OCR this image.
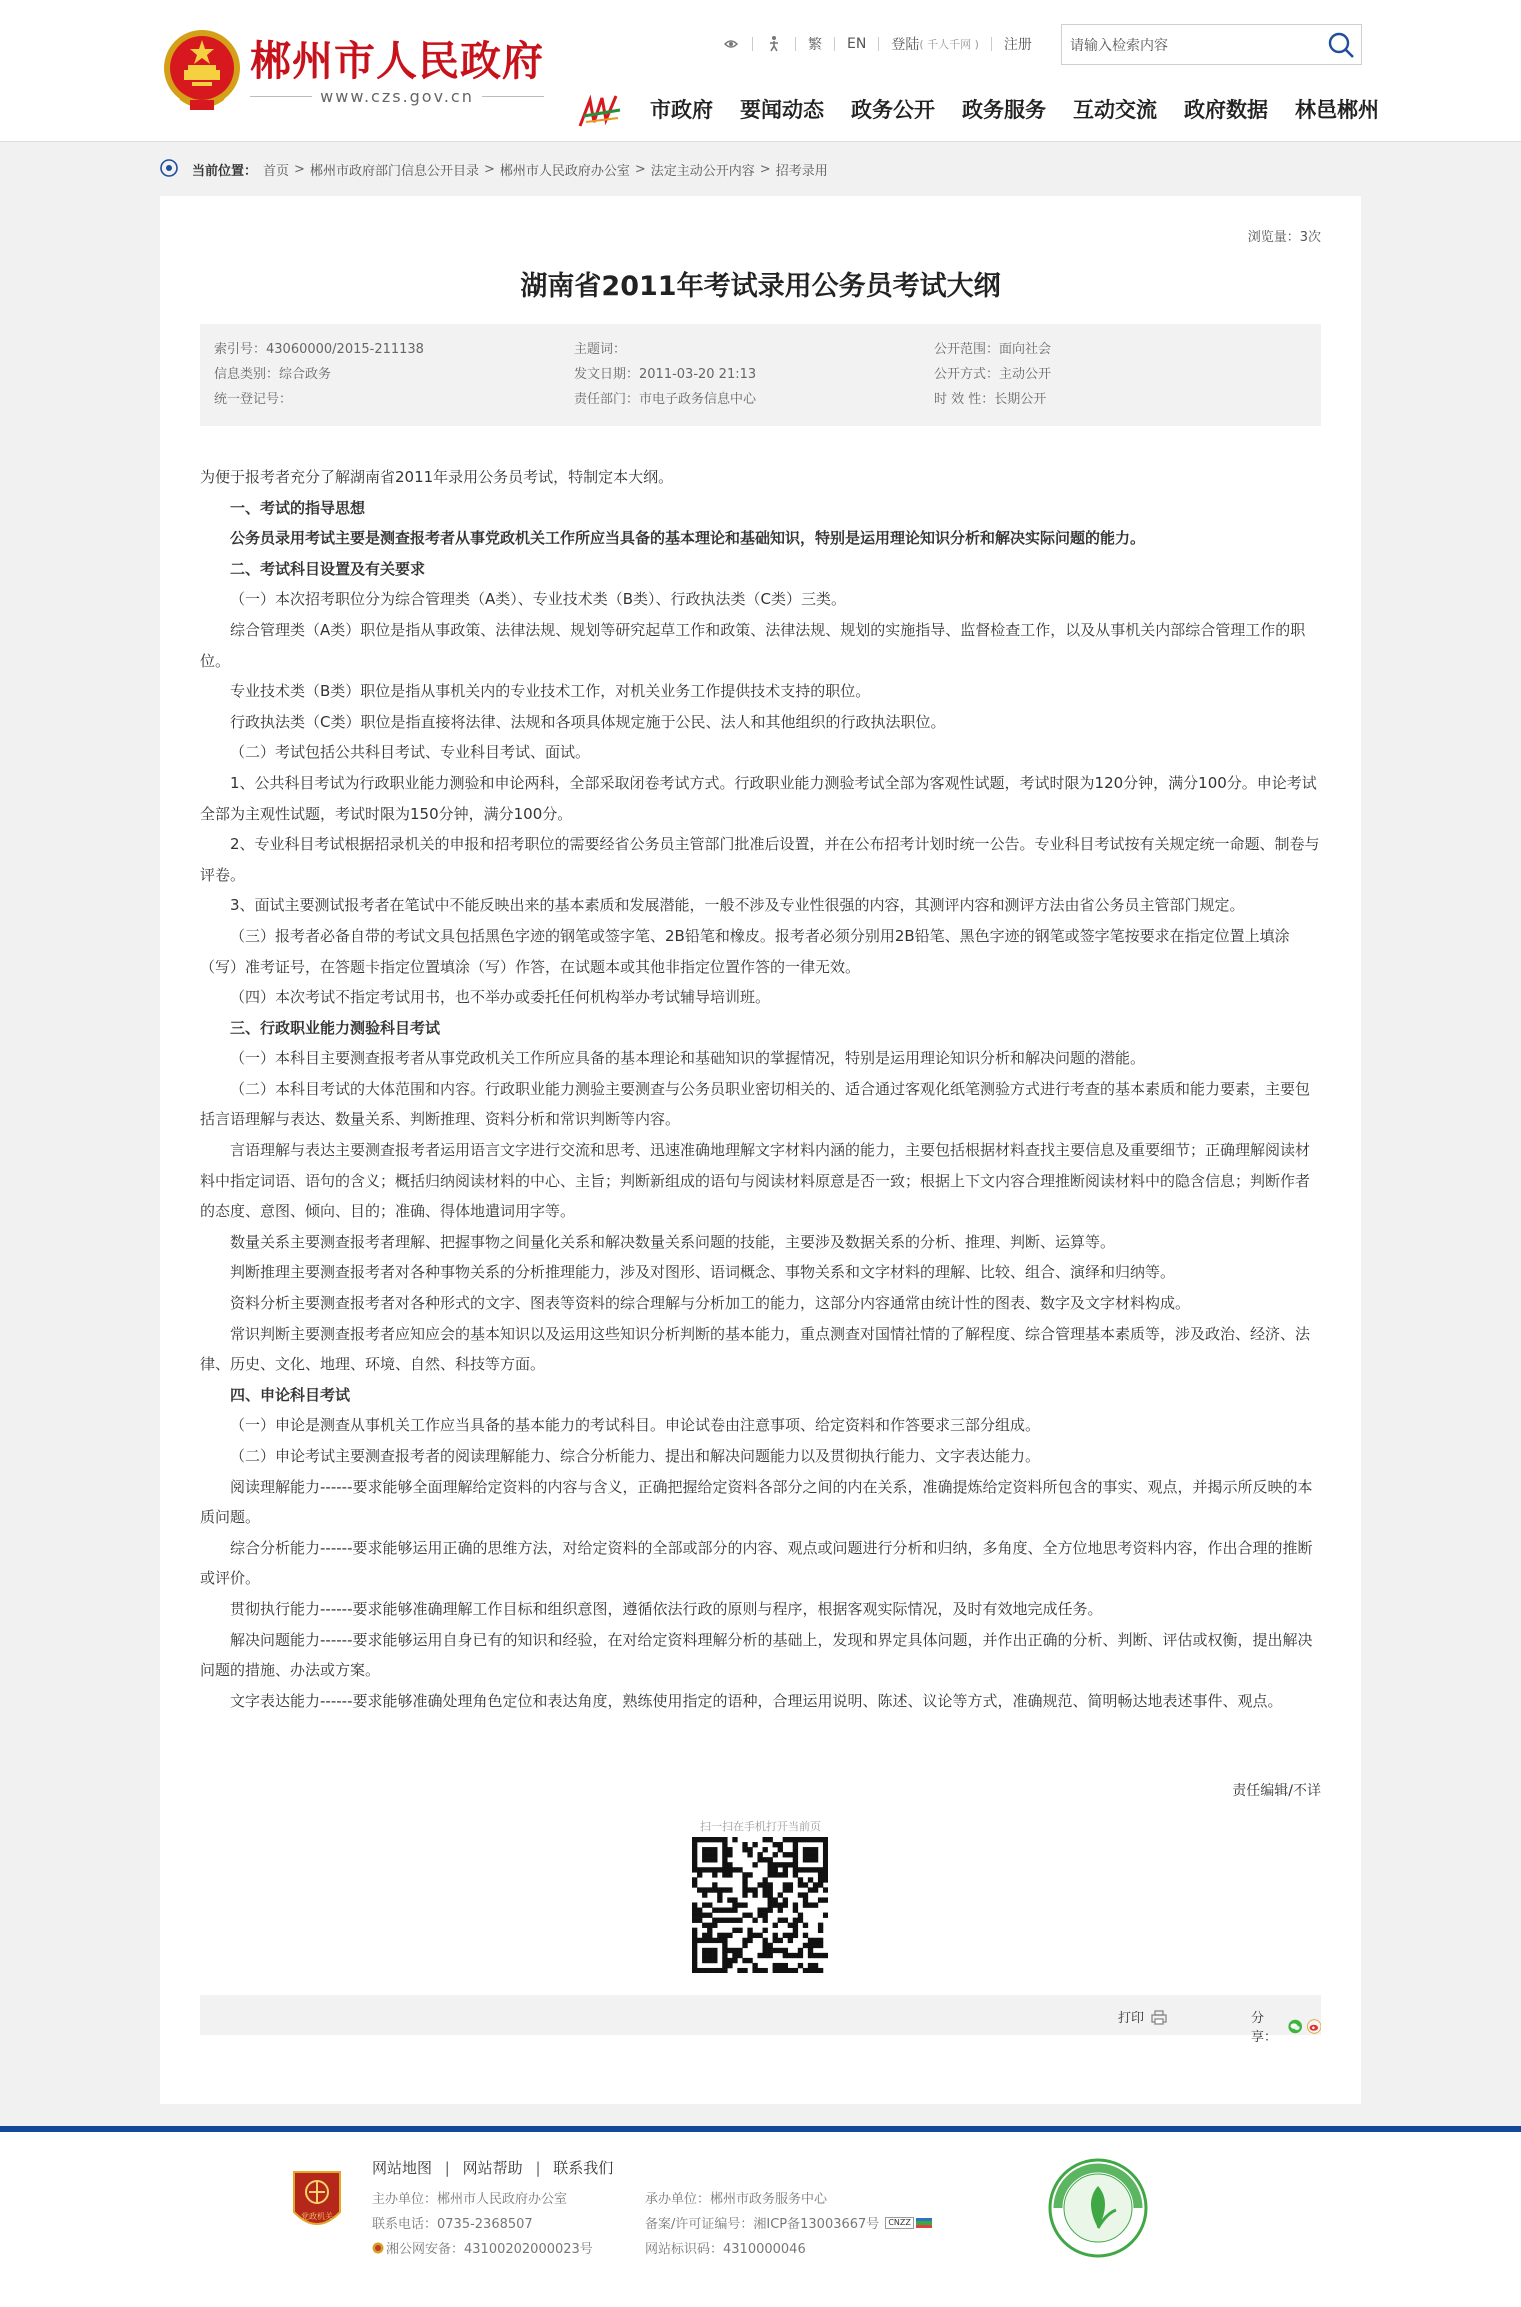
郴州市人民政府
www.czs.gov.cn
繁 EN 登陆 ( 千人千网 ) 注册
请输入检索内容
市政府 要闻动态 政务公开 政务服务 互动交流 政府数据 林邑郴州
当前位置： 首页 > 郴州市政府部门信息公开目录 > 郴州市人民政府办公室 > 法定主动公开内容 > 招考录用
浏览量：3次
湖南省2011年考试录用公务员考试大纲
索引号：43060000/2015-211138	主题词：	公开范围：面向社会
信息类别：综合政务	发文日期：2011-03-20 21:13	公开方式：主动公开
统一登记号：	责任部门：市电子政务信息中心	时 效 性：长期公开

为便于报考者充分了解湖南省2011年录用公务员考试，特制定本大纲。

一、考试的指导思想

公务员录用考试主要是测查报考者从事党政机关工作所应当具备的基本理论和基础知识，特别是运用理论知识分析和解决实际问题的能力。

二、考试科目设置及有关要求

（一）本次招考职位分为综合管理类（A类）、专业技术类（B类）、行政执法类（C类）三类。

综合管理类（A类）职位是指从事政策、法律法规、规划等研究起草工作和政策、法律法规、规划的实施指导、监督检查工作，以及从事机关内部综合管理工作的职位。

专业技术类（B类）职位是指从事机关内的专业技术工作，对机关业务工作提供技术支持的职位。

行政执法类（C类）职位是指直接将法律、法规和各项具体规定施于公民、法人和其他组织的行政执法职位。

（二）考试包括公共科目考试、专业科目考试、面试。

1、公共科目考试为行政职业能力测验和申论两科，全部采取闭卷考试方式。行政职业能力测验考试全部为客观性试题，考试时限为120分钟，满分100分。申论考试全部为主观性试题，考试时限为150分钟，满分100分。

2、专业科目考试根据招录机关的申报和招考职位的需要经省公务员主管部门批准后设置，并在公布招考计划时统一公告。专业科目考试按有关规定统一命题、制卷与评卷。

3、面试主要测试报考者在笔试中不能反映出来的基本素质和发展潜能，一般不涉及专业性很强的内容，其测评内容和测评方法由省公务员主管部门规定。

（三）报考者必备自带的考试文具包括黑色字迹的钢笔或签字笔、2B铅笔和橡皮。报考者必须分别用2B铅笔、黑色字迹的钢笔或签字笔按要求在指定位置上填涂（写）准考证号，在答题卡指定位置填涂（写）作答，在试题本或其他非指定位置作答的一律无效。

（四）本次考试不指定考试用书，也不举办或委托任何机构举办考试辅导培训班。

三、行政职业能力测验科目考试

（一）本科目主要测查报考者从事党政机关工作所应具备的基本理论和基础知识的掌握情况，特别是运用理论知识分析和解决问题的潜能。

（二）本科目考试的大体范围和内容。行政职业能力测验主要测查与公务员职业密切相关的、适合通过客观化纸笔测验方式进行考查的基本素质和能力要素，主要包括言语理解与表达、数量关系、判断推理、资料分析和常识判断等内容。

言语理解与表达主要测查报考者运用语言文字进行交流和思考、迅速准确地理解文字材料内涵的能力，主要包括根据材料查找主要信息及重要细节；正确理解阅读材料中指定词语、语句的含义；概括归纳阅读材料的中心、主旨；判断新组成的语句与阅读材料原意是否一致；根据上下文内容合理推断阅读材料中的隐含信息；判断作者的态度、意图、倾向、目的；准确、得体地遣词用字等。

数量关系主要测查报考者理解、把握事物之间量化关系和解决数量关系问题的技能，主要涉及数据关系的分析、推理、判断、运算等。

判断推理主要测查报考者对各种事物关系的分析推理能力，涉及对图形、语词概念、事物关系和文字材料的理解、比较、组合、演绎和归纳等。

资料分析主要测查报考者对各种形式的文字、图表等资料的综合理解与分析加工的能力，这部分内容通常由统计性的图表、数字及文字材料构成。

常识判断主要测查报考者应知应会的基本知识以及运用这些知识分析判断的基本能力，重点测查对国情社情的了解程度、综合管理基本素质等，涉及政治、经济、法律、历史、文化、地理、环境、自然、科技等方面。

四、申论科目考试

（一）申论是测查从事机关工作应当具备的基本能力的考试科目。申论试卷由注意事项、给定资料和作答要求三部分组成。

（二）申论考试主要测查报考者的阅读理解能力、综合分析能力、提出和解决问题能力以及贯彻执行能力、文字表达能力。

阅读理解能力------要求能够全面理解给定资料的内容与含义，正确把握给定资料各部分之间的内在关系，准确提炼给定资料所包含的事实、观点，并揭示所反映的本质问题。

综合分析能力------要求能够运用正确的思维方法，对给定资料的全部或部分的内容、观点或问题进行分析和归纳，多角度、全方位地思考资料内容，作出合理的推断或评价。

贯彻执行能力------要求能够准确理解工作目标和组织意图，遵循依法行政的原则与程序，根据客观实际情况，及时有效地完成任务。

解决问题能力------要求能够运用自身已有的知识和经验，在对给定资料理解分析的基础上，发现和界定具体问题，并作出正确的分析、判断、评估或权衡，提出解决问题的措施、办法或方案。

文字表达能力------要求能够准确处理角色定位和表达角度，熟练使用指定的语种，合理运用说明、陈述、议论等方式，准确规范、简明畅达地表述事件、观点。

责任编辑/不详
扫一扫在手机打开当前页
打印	分享：
党政机关
网站地图 | 网站帮助 | 联系我们
主办单位：郴州市人民政府办公室
联系电话：0735-2368507
湘公网安备：43100202000023号
承办单位：郴州市政务服务中心
备案/许可证编号：湘ICP备13003667号	CNZZ
网站标识码：4310000046
